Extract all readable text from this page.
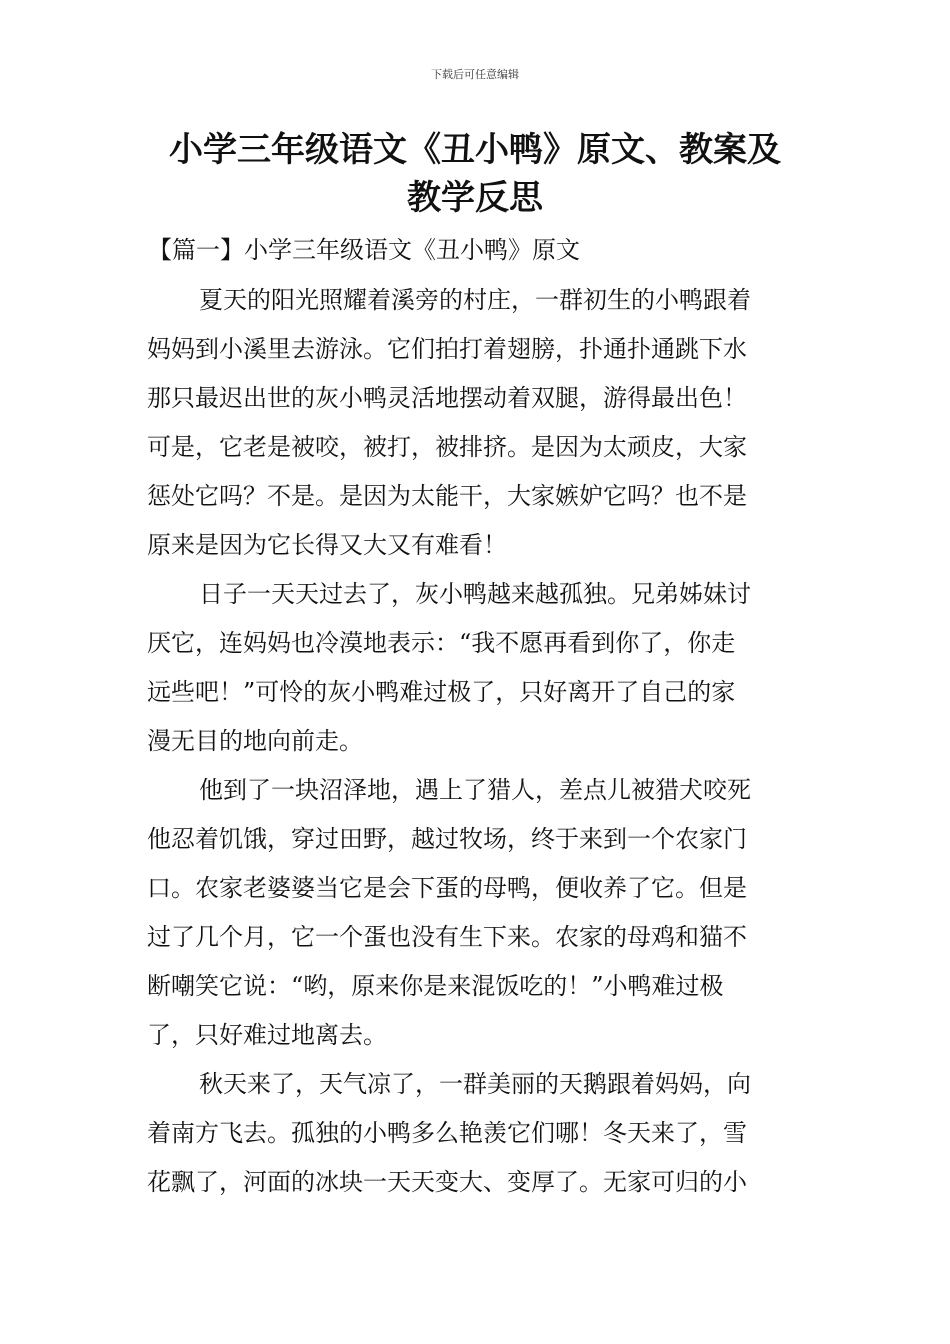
下载后可任意编辑
小学三年级语文《丑小鸭》原文、教案及
教学反思
【篇一】小学三年级语文《丑小鸭》原文

夏天的阳光照耀着溪旁的村庄，一群初生的小鸭跟着
妈妈到小溪里去游泳。它们拍打着翅膀，扑通扑通跳下水
那只最迟出世的灰小鸭灵活地摆动着双腿，游得最出色！
可是，它老是被咬，被打，被排挤。是因为太顽皮，大家
惩处它吗？不是。是因为太能干，大家嫉妒它吗？也不是
原来是因为它长得又大又有难看！

日子一天天过去了，灰小鸭越来越孤独。兄弟姊妹讨
厌它，连妈妈也冷漠地表示：“我不愿再看到你了，你走
远些吧！”可怜的灰小鸭难过极了，只好离开了自己的家
漫无目的地向前走。

他到了一块沼泽地，遇上了猎人，差点儿被猎犬咬死
他忍着饥饿，穿过田野，越过牧场，终于来到一个农家门
口。农家老婆婆当它是会下蛋的母鸭，便收养了它。但是
过了几个月，它一个蛋也没有生下来。农家的母鸡和猫不
断嘲笑它说：“哟，原来你是来混饭吃的！”小鸭难过极
了，只好难过地离去。

秋天来了，天气凉了，一群美丽的天鹅跟着妈妈，向
着南方飞去。孤独的小鸭多么艳羡它们哪！冬天来了，雪
花飘了，河面的冰块一天天变大、变厚了。无家可归的小
